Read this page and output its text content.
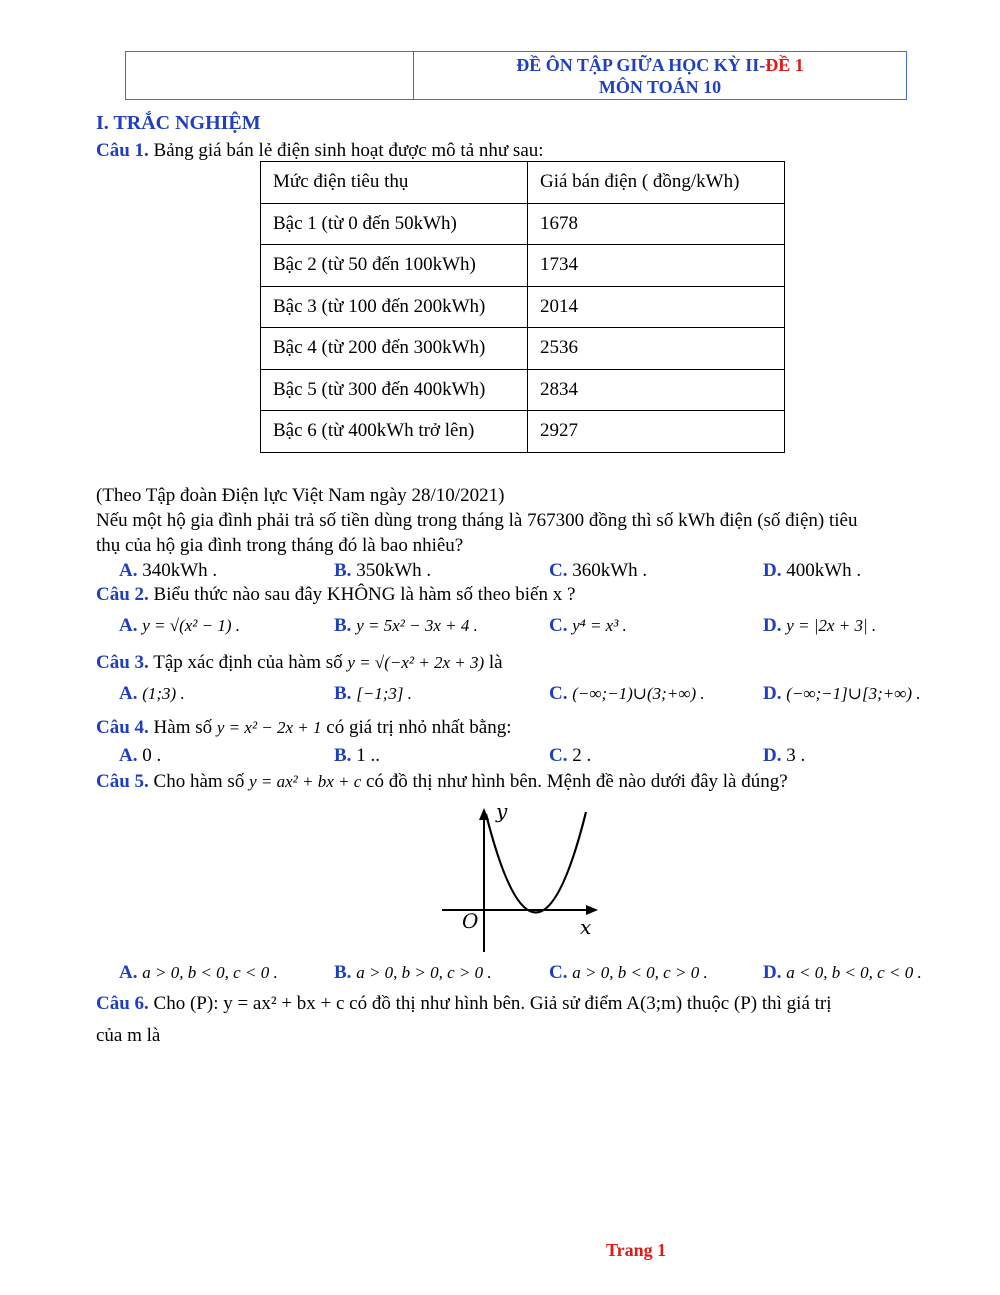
ĐỀ ÔN TẬP GIỮA HỌC KỲ II-ĐỀ 1
MÔN TOÁN 10
I. TRẮC NGHIỆM
Câu 1. Bảng giá bán lẻ điện sinh hoạt được mô tả như sau:
Mức điện tiêu thụ	Giá bán điện ( đồng/kWh)
Bậc 1 (từ 0 đến 50kWh)	1678
Bậc 2 (từ 50 đến 100kWh)	1734
Bậc 3 (từ 100 đến 200kWh)	2014
Bậc 4 (từ 200 đến 300kWh)	2536
Bậc 5 (từ 300 đến 400kWh)	2834
Bậc 6 (từ 400kWh trở lên)	2927
(Theo Tập đoàn Điện lực Việt Nam ngày 28/10/2021)
Nếu một hộ gia đình phải trả số tiền dùng trong tháng là 767300 đồng thì số kWh điện (số điện) tiêu
thụ của hộ gia đình trong tháng đó là bao nhiêu?
A. 340kWh .	B. 350kWh .	C. 360kWh .	D. 400kWh .
Câu 2. Biểu thức nào sau đây KHÔNG là hàm số theo biến x ?
A. y = √(x² − 1) .	B. y = 5x² − 3x + 4 .	C. y⁴ = x³ .	D. y = |2x + 3| .
Câu 3. Tập xác định của hàm số y = √(−x² + 2x + 3) là
A. (1;3) .	B. [−1;3] .	C. (−∞;−1)∪(3;+∞) .	D. (−∞;−1]∪[3;+∞) .
Câu 4. Hàm số y = x² − 2x + 1 có giá trị nhỏ nhất bằng:
A. 0 .	B. 1 ..	C. 2 .	D. 3 .
Câu 5. Cho hàm số y = ax² + bx + c có đồ thị như hình bên. Mệnh đề nào dưới đây là đúng?
y
x
O
A. a > 0, b < 0, c < 0 .	B. a > 0, b > 0, c > 0 .	C. a > 0, b < 0, c > 0 .	D. a < 0, b < 0, c < 0 .
Câu 6. Cho (P): y = ax² + bx + c có đồ thị như hình bên. Giả sử điểm A(3;m) thuộc (P) thì giá trị
của m là
Trang 1
